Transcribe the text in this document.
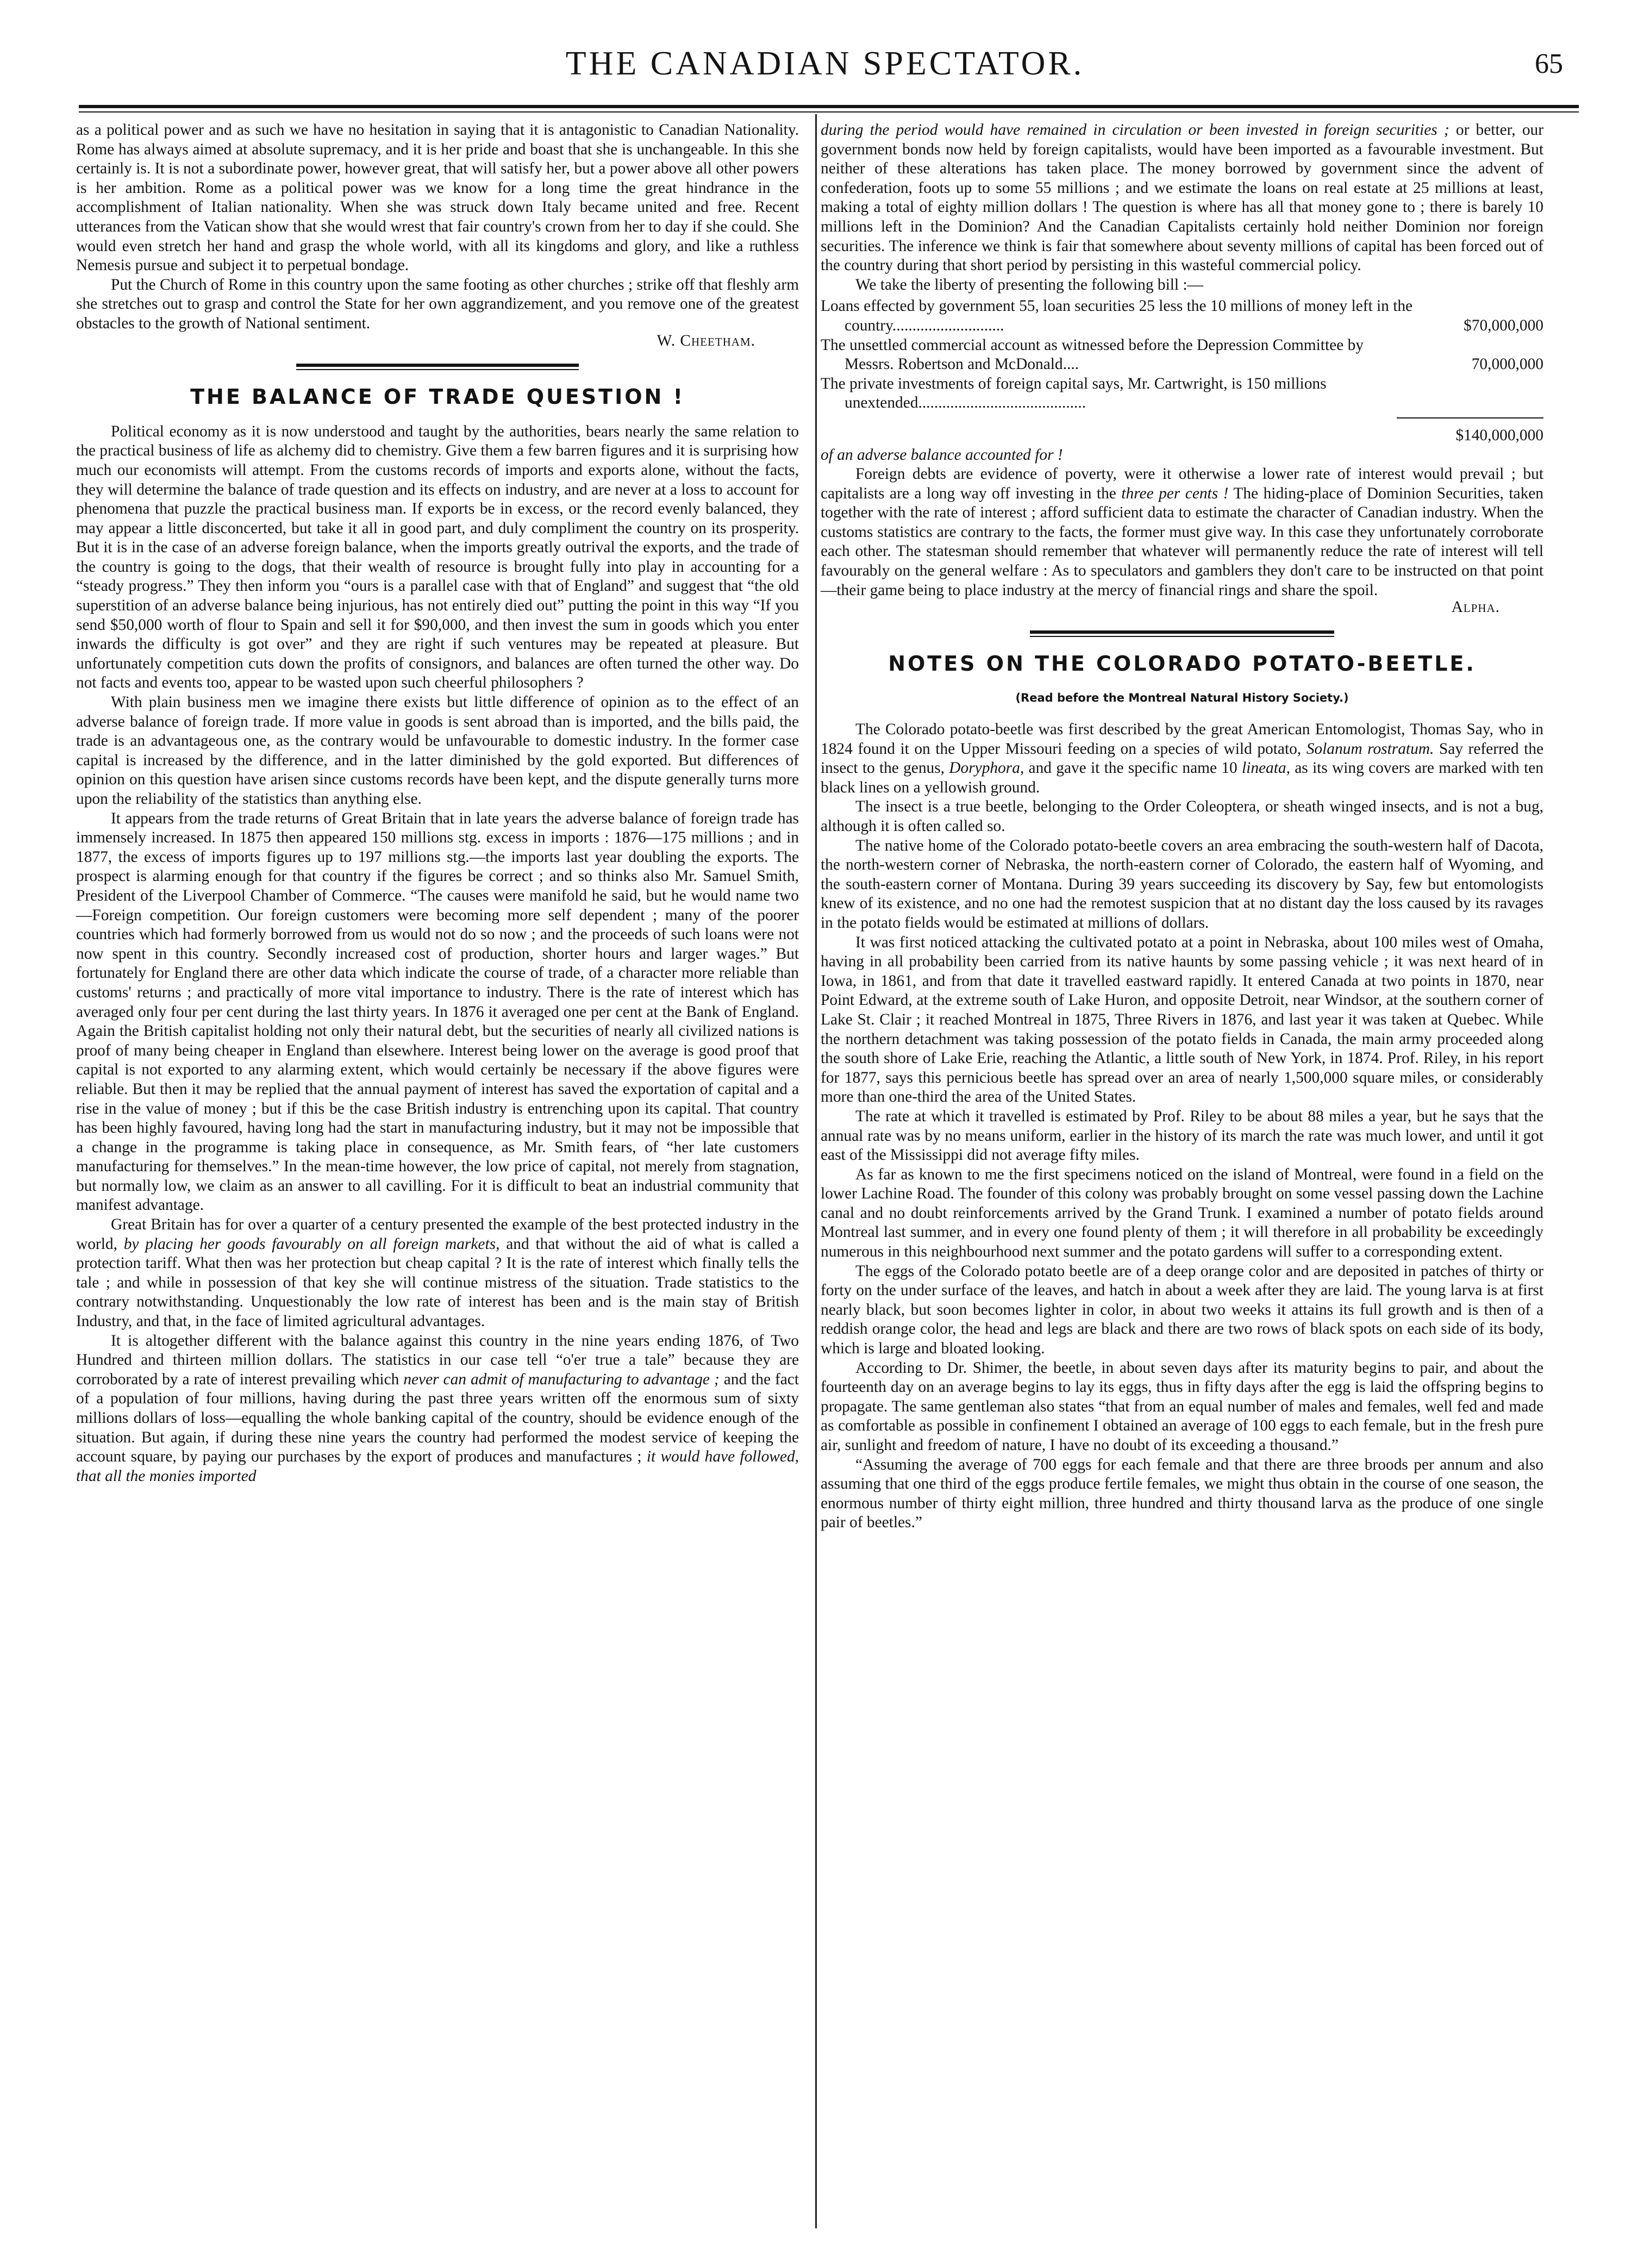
THE CANADIAN SPECTATOR.	65

as a political power and as such we have no hesitation in saying that it is antagonistic to Canadian Nationality. Rome has always aimed at absolute supremacy, and it is her pride and boast that she is unchangeable. In this she certainly is. It is not a subordinate power, however great, that will satisfy her, but a power above all other powers is her ambition. Rome as a political power was we know for a long time the great hindrance in the accomplishment of Italian nationality. When she was struck down Italy became united and free. Recent utterances from the Vatican show that she would wrest that fair country's crown from her to day if she could. She would even stretch her hand and grasp the whole world, with all its kingdoms and glory, and like a ruthless Nemesis pursue and subject it to perpetual bondage.

Put the Church of Rome in this country upon the same footing as other churches ; strike off that fleshly arm she stretches out to grasp and control the State for her own aggrandizement, and you remove one of the greatest obstacles to the growth of National sentiment.

W. Cheetham.
THE BALANCE OF TRADE QUESTION !

Political economy as it is now understood and taught by the authorities, bears nearly the same relation to the practical business of life as alchemy did to chemistry. Give them a few barren figures and it is surprising how much our economists will attempt. From the customs records of imports and exports alone, without the facts, they will determine the balance of trade question and its effects on industry, and are never at a loss to account for phenomena that puzzle the practical business man. If exports be in excess, or the record evenly balanced, they may appear a little disconcerted, but take it all in good part, and duly compliment the country on its prosperity. But it is in the case of an adverse foreign balance, when the imports greatly outrival the exports, and the trade of the country is going to the dogs, that their wealth of resource is brought fully into play in accounting for a “steady progress.” They then inform you “ours is a parallel case with that of England” and suggest that “the old superstition of an adverse balance being injurious, has not entirely died out” putting the point in this way “If you send $50,000 worth of flour to Spain and sell it for $90,000, and then invest the sum in goods which you enter inwards the difficulty is got over” and they are right if such ventures may be repeated at pleasure. But unfortunately competition cuts down the profits of consignors, and balances are often turned the other way. Do not facts and events too, appear to be wasted upon such cheerful philosophers ?

With plain business men we imagine there exists but little difference of opinion as to the effect of an adverse balance of foreign trade. If more value in goods is sent abroad than is imported, and the bills paid, the trade is an advantageous one, as the contrary would be unfavourable to domestic industry. In the former case capital is increased by the difference, and in the latter diminished by the gold exported. But differences of opinion on this question have arisen since customs records have been kept, and the dispute generally turns more upon the reliability of the statistics than anything else.

It appears from the trade returns of Great Britain that in late years the adverse balance of foreign trade has immensely increased. In 1875 then appeared 150 millions stg. excess in imports : 1876—175 millions ; and in 1877, the excess of imports figures up to 197 millions stg.—the imports last year doubling the exports. The prospect is alarming enough for that country if the figures be correct ; and so thinks also Mr. Samuel Smith, President of the Liverpool Chamber of Commerce. “The causes were manifold he said, but he would name two—Foreign competition. Our foreign customers were becoming more self dependent ; many of the poorer countries which had formerly borrowed from us would not do so now ; and the proceeds of such loans were not now spent in this country. Secondly increased cost of production, shorter hours and larger wages.” But fortunately for England there are other data which indicate the course of trade, of a character more reliable than customs' returns ; and practically of more vital importance to industry. There is the rate of interest which has averaged only four per cent during the last thirty years. In 1876 it averaged one per cent at the Bank of England. Again the British capitalist holding not only their natural debt, but the securities of nearly all civilized nations is proof of many being cheaper in England than elsewhere. Interest being lower on the average is good proof that capital is not exported to any alarming extent, which would certainly be necessary if the above figures were reliable. But then it may be replied that the annual payment of interest has saved the exportation of capital and a rise in the value of money ; but if this be the case British industry is entrenching upon its capital. That country has been highly favoured, having long had the start in manufacturing industry, but it may not be impossible that a change in the programme is taking place in consequence, as Mr. Smith fears, of “her late customers manufacturing for themselves.” In the mean-time however, the low price of capital, not merely from stagnation, but normally low, we claim as an answer to all cavilling. For it is difficult to beat an industrial community that manifest advantage.

Great Britain has for over a quarter of a century presented the example of the best protected industry in the world, by placing her goods favourably on all foreign markets, and that without the aid of what is called a protection tariff. What then was her protection but cheap capital ? It is the rate of interest which finally tells the tale ; and while in possession of that key she will continue mistress of the situation. Trade statistics to the contrary notwithstanding. Unquestionably the low rate of interest has been and is the main stay of British Industry, and that, in the face of limited agricultural advantages.

It is altogether different with the balance against this country in the nine years ending 1876, of Two Hundred and thirteen million dollars. The statistics in our case tell “o'er true a tale” because they are corroborated by a rate of interest prevailing which never can admit of manufacturing to advantage ; and the fact of a population of four millions, having during the past three years written off the enormous sum of sixty millions dollars of loss—equalling the whole banking capital of the country, should be evidence enough of the situation. But again, if during these nine years the country had performed the modest service of keeping the account square, by paying our purchases by the export of produces and manufactures ; it would have followed, that all the monies imported

during the period would have remained in circulation or been invested in foreign securities ; or better, our government bonds now held by foreign capitalists, would have been imported as a favourable investment. But neither of these alterations has taken place. The money borrowed by government since the advent of confederation, foots up to some 55 millions ; and we estimate the loans on real estate at 25 millions at least, making a total of eighty million dollars ! The question is where has all that money gone to ; there is barely 10 millions left in the Dominion? And the Canadian Capitalists certainly hold neither Dominion nor foreign securities. The inference we think is fair that somewhere about seventy millions of capital has been forced out of the country during that short period by persisting in this wasteful commercial policy.

We take the liberty of presenting the following bill :—

Loans effected by government 55, loan securities 25 less the 10 millions of money left in the country............................	$70,000,000
The unsettled commercial account as witnessed before the Depression Committee by Messrs. Robertson and McDonald....	70,000,000
The private investments of foreign capital says, Mr. Cartwright, is 150 millions unextended..........................................
$140,000,000

of an adverse balance accounted for !

Foreign debts are evidence of poverty, were it otherwise a lower rate of interest would prevail ; but capitalists are a long way off investing in the three per cents ! The hiding-place of Dominion Securities, taken together with the rate of interest ; afford sufficient data to estimate the character of Canadian industry. When the customs statistics are contrary to the facts, the former must give way. In this case they unfortunately corroborate each other. The statesman should remember that whatever will permanently reduce the rate of interest will tell favourably on the general welfare : As to speculators and gamblers they don't care to be instructed on that point—their game being to place industry at the mercy of financial rings and share the spoil.

Alpha.
NOTES ON THE COLORADO POTATO-BEETLE.
(Read before the Montreal Natural History Society.)

The Colorado potato-beetle was first described by the great American Entomologist, Thomas Say, who in 1824 found it on the Upper Missouri feeding on a species of wild potato, Solanum rostratum. Say referred the insect to the genus, Doryphora, and gave it the specific name 10 lineata, as its wing covers are marked with ten black lines on a yellowish ground.

The insect is a true beetle, belonging to the Order Coleoptera, or sheath winged insects, and is not a bug, although it is often called so.

The native home of the Colorado potato-beetle covers an area embracing the south-western half of Dacota, the north-western corner of Nebraska, the north-eastern corner of Colorado, the eastern half of Wyoming, and the south-eastern corner of Montana. During 39 years succeeding its discovery by Say, few but entomologists knew of its existence, and no one had the remotest suspicion that at no distant day the loss caused by its ravages in the potato fields would be estimated at millions of dollars.

It was first noticed attacking the cultivated potato at a point in Nebraska, about 100 miles west of Omaha, having in all probability been carried from its native haunts by some passing vehicle ; it was next heard of in Iowa, in 1861, and from that date it travelled eastward rapidly. It entered Canada at two points in 1870, near Point Edward, at the extreme south of Lake Huron, and opposite Detroit, near Windsor, at the southern corner of Lake St. Clair ; it reached Montreal in 1875, Three Rivers in 1876, and last year it was taken at Quebec. While the northern detachment was taking possession of the potato fields in Canada, the main army proceeded along the south shore of Lake Erie, reaching the Atlantic, a little south of New York, in 1874. Prof. Riley, in his report for 1877, says this pernicious beetle has spread over an area of nearly 1,500,000 square miles, or considerably more than one-third the area of the United States.

The rate at which it travelled is estimated by Prof. Riley to be about 88 miles a year, but he says that the annual rate was by no means uniform, earlier in the history of its march the rate was much lower, and until it got east of the Mississippi did not average fifty miles.

As far as known to me the first specimens noticed on the island of Montreal, were found in a field on the lower Lachine Road. The founder of this colony was probably brought on some vessel passing down the Lachine canal and no doubt reinforcements arrived by the Grand Trunk. I examined a number of potato fields around Montreal last summer, and in every one found plenty of them ; it will therefore in all probability be exceedingly numerous in this neighbourhood next summer and the potato gardens will suffer to a corresponding extent.

The eggs of the Colorado potato beetle are of a deep orange color and are deposited in patches of thirty or forty on the under surface of the leaves, and hatch in about a week after they are laid. The young larva is at first nearly black, but soon becomes lighter in color, in about two weeks it attains its full growth and is then of a reddish orange color, the head and legs are black and there are two rows of black spots on each side of its body, which is large and bloated looking.

According to Dr. Shimer, the beetle, in about seven days after its maturity begins to pair, and about the fourteenth day on an average begins to lay its eggs, thus in fifty days after the egg is laid the offspring begins to propagate. The same gentleman also states “that from an equal number of males and females, well fed and made as comfortable as possible in confinement I obtained an average of 100 eggs to each female, but in the fresh pure air, sunlight and freedom of nature, I have no doubt of its exceeding a thousand.”

“Assuming the average of 700 eggs for each female and that there are three broods per annum and also assuming that one third of the eggs produce fertile females, we might thus obtain in the course of one season, the enormous number of thirty eight million, three hundred and thirty thousand larva as the produce of one single pair of beetles.”
